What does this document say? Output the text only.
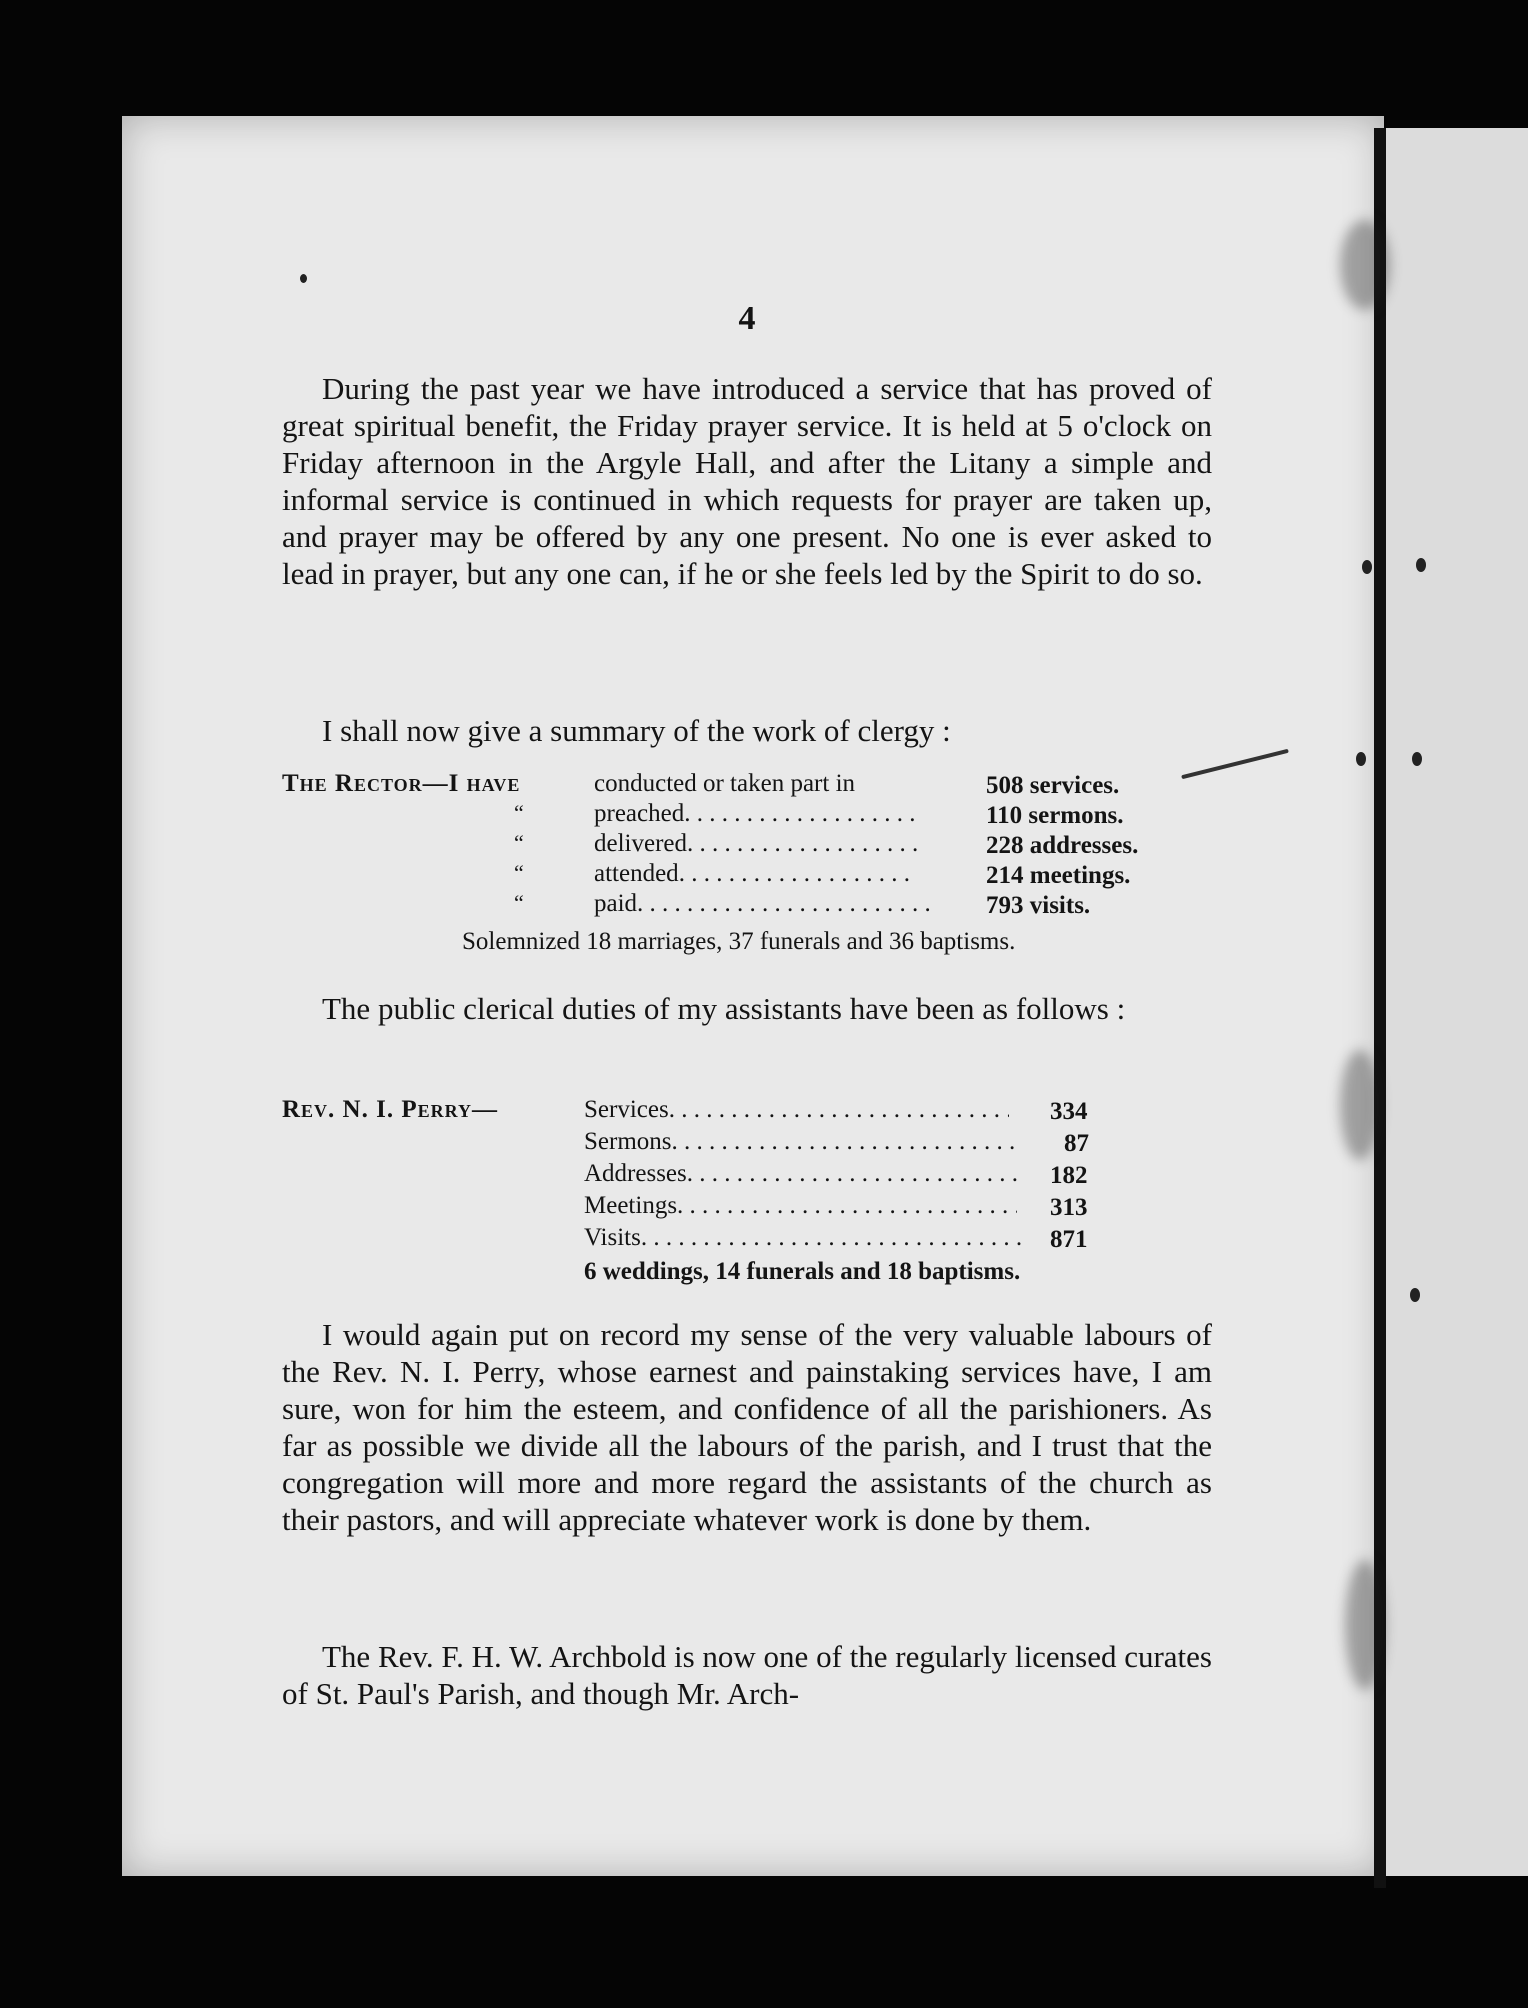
4

During the past year we have introduced a service that has proved of great spiritual benefit, the Friday prayer service. It is held at 5 o'clock on Friday afternoon in the Argyle Hall, and after the Litany a simple and informal service is continued in which requests for prayer are taken up, and prayer may be offered by any one present. No one is ever asked to lead in prayer, but any one can, if he or she feels led by the Spirit to do so.

I shall now give a summary of the work of clergy :

The Rector—I have	conducted or taken part in	508 services.
“	preached . . .	110 sermons.
“	delivered . . .	228 addresses.
“	attended . . .	214 meetings.
“	paid . . .	793 visits.
Solemnized 18 marriages, 37 funerals and 36 baptisms.

The public clerical duties of my assistants have been as follows :

Rev. N. I. Perry—	Services . . .	334
Sermons . . .	87
Addresses . . .	182
Meetings . . .	313
Visits . . .	871
6 weddings, 14 funerals and 18 baptisms.

I would again put on record my sense of the very valuable labours of the Rev. N. I. Perry, whose earnest and painstaking services have, I am sure, won for him the esteem, and confidence of all the parishioners. As far as possible we divide all the labours of the parish, and I trust that the congregation will more and more regard the assistants of the church as their pastors, and will appreciate whatever work is done by them.

The Rev. F. H. W. Archbold is now one of the regularly licensed curates of St. Paul's Parish, and though Mr. Arch-
